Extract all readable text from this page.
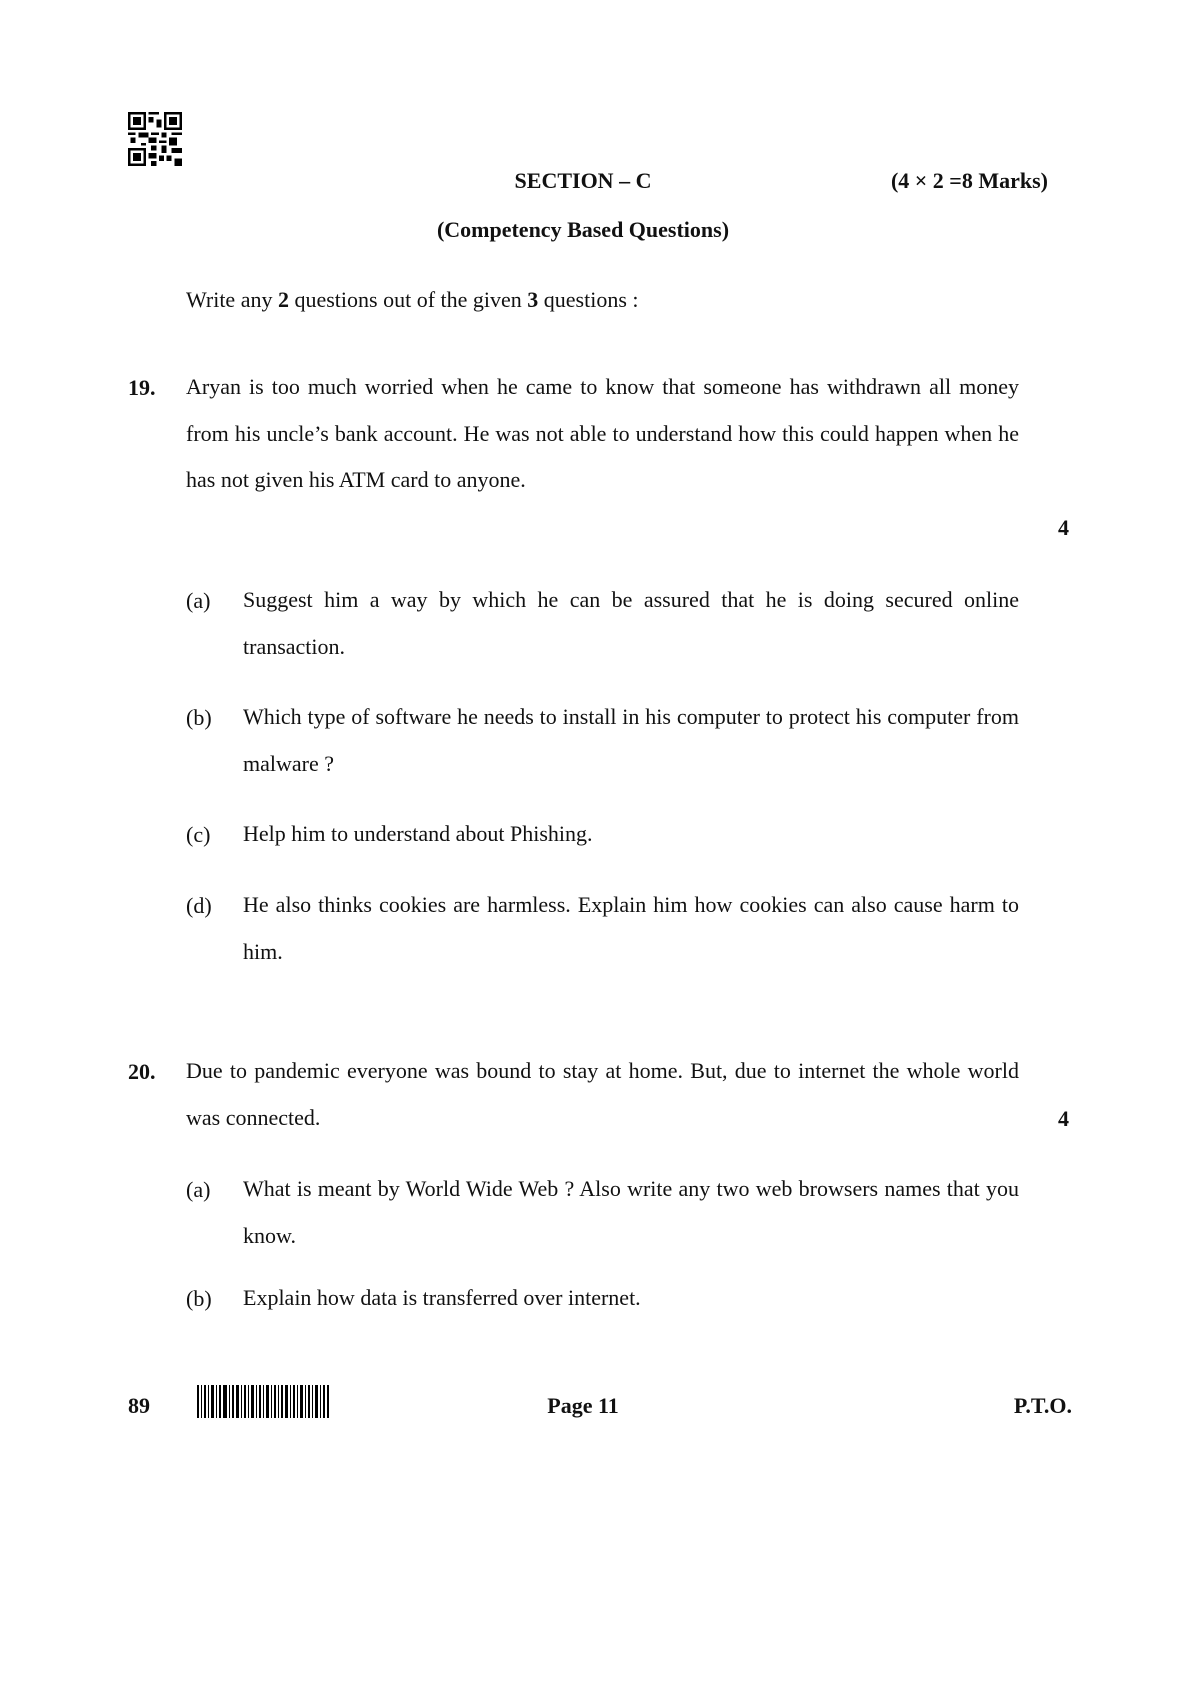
SECTION – C	(4 × 2 =8 Marks)
(Competency Based Questions)
Write any 2 questions out of the given 3 questions :
19. Aryan is too much worried when he came to know that someone has withdrawn all money from his uncle’s bank account. He was not able to understand how this could happen when he has not given his ATM card to anyone.
4
(a) Suggest him a way by which he can be assured that he is doing secured online transaction.
(b) Which type of software he needs to install in his computer to protect his computer from malware ?
(c) Help him to understand about Phishing.
(d) He also thinks cookies are harmless. Explain him how cookies can also cause harm to him.
20. Due to pandemic everyone was bound to stay at home. But, due to internet the whole world was connected.	4
(a) What is meant by World Wide Web ? Also write any two web browsers names that you know.
(b) Explain how data is transferred over internet.
89	Page 11	P.T.O.
